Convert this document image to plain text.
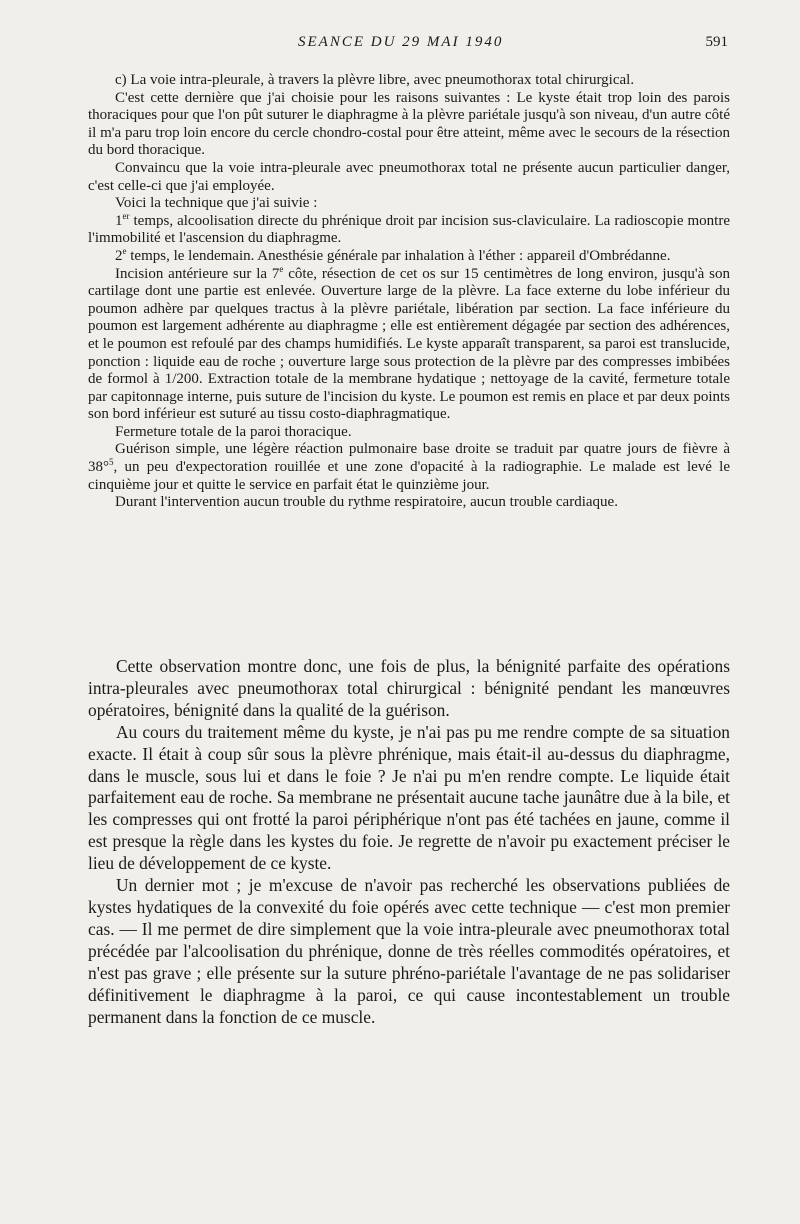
SEANCE DU 29 MAI 1940	591

c) La voie intra-pleurale, à travers la plèvre libre, avec pneumothorax total chirurgical.

C'est cette dernière que j'ai choisie pour les raisons suivantes : Le kyste était trop loin des parois thoraciques pour que l'on pût suturer le diaphragme à la plèvre pariétale jusqu'à son niveau, d'un autre côté il m'a paru trop loin encore du cercle chondro-costal pour être atteint, même avec le secours de la résection du bord thoracique.

Convaincu que la voie intra-pleurale avec pneumothorax total ne présente aucun particulier danger, c'est celle-ci que j'ai employée.

Voici la technique que j'ai suivie :

1er temps, alcoolisation directe du phrénique droit par incision sus-claviculaire. La radioscopie montre l'immobilité et l'ascension du diaphragme.

2e temps, le lendemain. Anesthésie générale par inhalation à l'éther : appareil d'Ombrédanne.

Incision antérieure sur la 7e côte, résection de cet os sur 15 centimètres de long environ, jusqu'à son cartilage dont une partie est enlevée. Ouverture large de la plèvre. La face externe du lobe inférieur du poumon adhère par quelques tractus à la plèvre pariétale, libération par section. La face inférieure du poumon est largement adhérente au diaphragme ; elle est entièrement dégagée par section des adhérences, et le poumon est refoulé par des champs humidifiés. Le kyste apparaît transparent, sa paroi est translucide, ponction : liquide eau de roche ; ouverture large sous protection de la plèvre par des compresses imbibées de formol à 1/200. Extraction totale de la membrane hydatique ; nettoyage de la cavité, fermeture totale par capitonnage interne, puis suture de l'incision du kyste. Le poumon est remis en place et par deux points son bord inférieur est suturé au tissu costo-diaphragmatique.

Fermeture totale de la paroi thoracique.

Guérison simple, une légère réaction pulmonaire base droite se traduit par quatre jours de fièvre à 38°$^5$, un peu d'expectoration rouillée et une zone d'opacité à la radiographie. Le malade est levé le cinquième jour et quitte le service en parfait état le quinzième jour.

Durant l'intervention aucun trouble du rythme respiratoire, aucun trouble cardiaque.

Cette observation montre donc, une fois de plus, la bénignité parfaite des opérations intra-pleurales avec pneumothorax total chirurgical : bénignité pendant les manœuvres opératoires, bénignité dans la qualité de la guérison.

Au cours du traitement même du kyste, je n'ai pas pu me rendre compte de sa situation exacte. Il était à coup sûr sous la plèvre phrénique, mais était-il au-dessus du diaphragme, dans le muscle, sous lui et dans le foie ? Je n'ai pu m'en rendre compte. Le liquide était parfaitement eau de roche. Sa membrane ne présentait aucune tache jaunâtre due à la bile, et les compresses qui ont frotté la paroi périphérique n'ont pas été tachées en jaune, comme il est presque la règle dans les kystes du foie. Je regrette de n'avoir pu exactement préciser le lieu de développement de ce kyste.

Un dernier mot ; je m'excuse de n'avoir pas recherché les observations publiées de kystes hydatiques de la convexité du foie opérés avec cette technique — c'est mon premier cas. — Il me permet de dire simplement que la voie intra-pleurale avec pneumothorax total précédée par l'alcoolisation du phrénique, donne de très réelles commodités opératoires, et n'est pas grave ; elle présente sur la suture phréno-pariétale l'avantage de ne pas solidariser définitivement le diaphragme à la paroi, ce qui cause incontestablement un trouble permanent dans la fonction de ce muscle.
